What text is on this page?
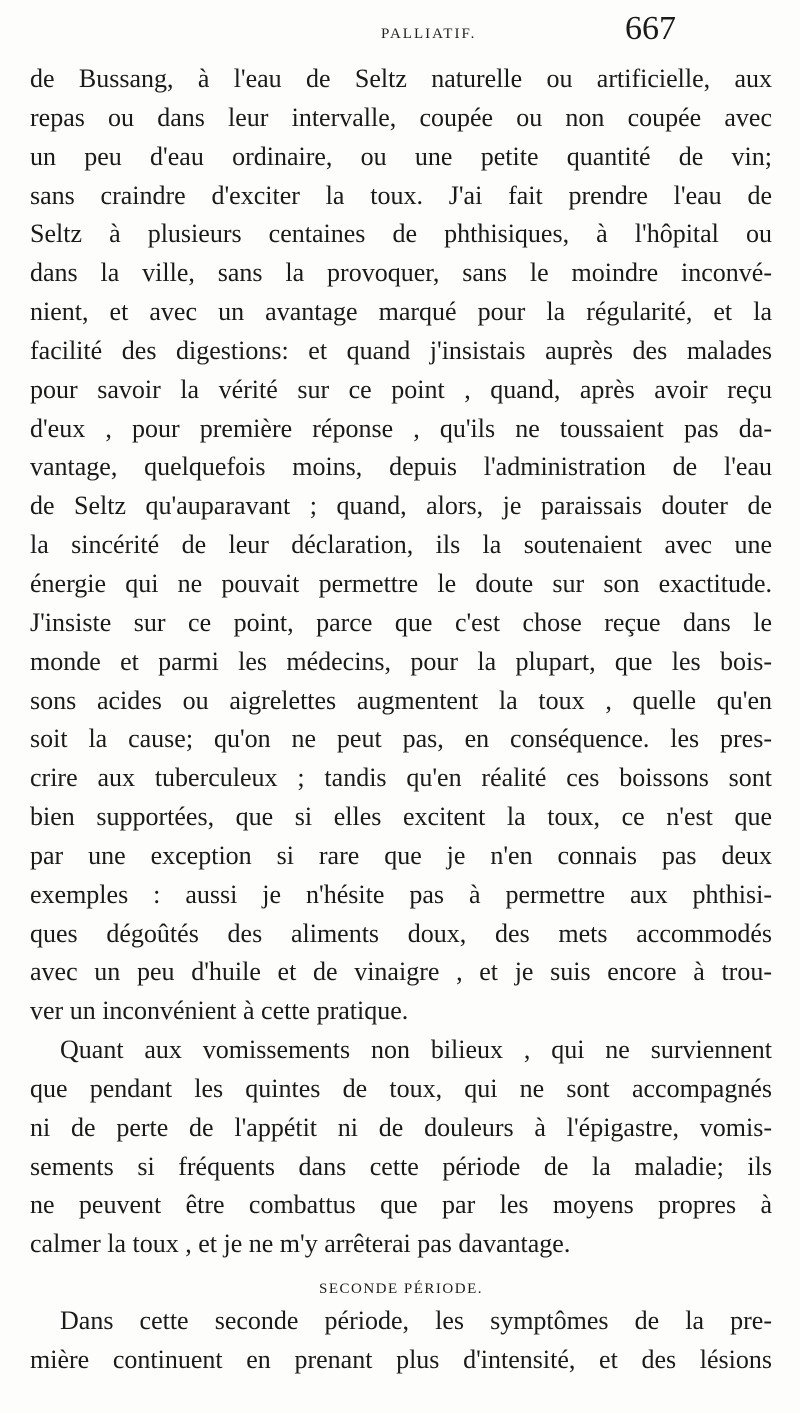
PALLIATIF.	667
de Bussang, à l'eau de Seltz naturelle ou artificielle, aux
repas ou dans leur intervalle, coupée ou non coupée avec
un peu d'eau ordinaire, ou une petite quantité de vin;
sans craindre d'exciter la toux. J'ai fait prendre l'eau de
Seltz à plusieurs centaines de phthisiques, à l'hôpital ou
dans la ville, sans la provoquer, sans le moindre inconvé-
nient, et avec un avantage marqué pour la régularité, et la
facilité des digestions: et quand j'insistais auprès des malades
pour savoir la vérité sur ce point , quand, après avoir reçu
d'eux , pour première réponse , qu'ils ne toussaient pas da-
vantage, quelquefois moins, depuis l'administration de l'eau
de Seltz qu'auparavant ; quand, alors, je paraissais douter de
la sincérité de leur déclaration, ils la soutenaient avec une
énergie qui ne pouvait permettre le doute sur son exactitude.
J'insiste sur ce point, parce que c'est chose reçue dans le
monde et parmi les médecins, pour la plupart, que les bois-
sons acides ou aigrelettes augmentent la toux , quelle qu'en
soit la cause; qu'on ne peut pas, en conséquence. les pres-
crire aux tuberculeux ; tandis qu'en réalité ces boissons sont
bien supportées, que si elles excitent la toux, ce n'est que
par une exception si rare que je n'en connais pas deux
exemples : aussi je n'hésite pas à permettre aux phthisi-
ques dégoûtés des aliments doux, des mets accommodés
avec un peu d'huile et de vinaigre , et je suis encore à trou-
ver un inconvénient à cette pratique.
Quant aux vomissements non bilieux , qui ne surviennent
que pendant les quintes de toux, qui ne sont accompagnés
ni de perte de l'appétit ni de douleurs à l'épigastre, vomis-
sements si fréquents dans cette période de la maladie; ils
ne peuvent être combattus que par les moyens propres à
calmer la toux , et je ne m'y arrêterai pas davantage.
SECONDE PÉRIODE.
Dans cette seconde période, les symptômes de la pre-
mière continuent en prenant plus d'intensité, et des lésions
